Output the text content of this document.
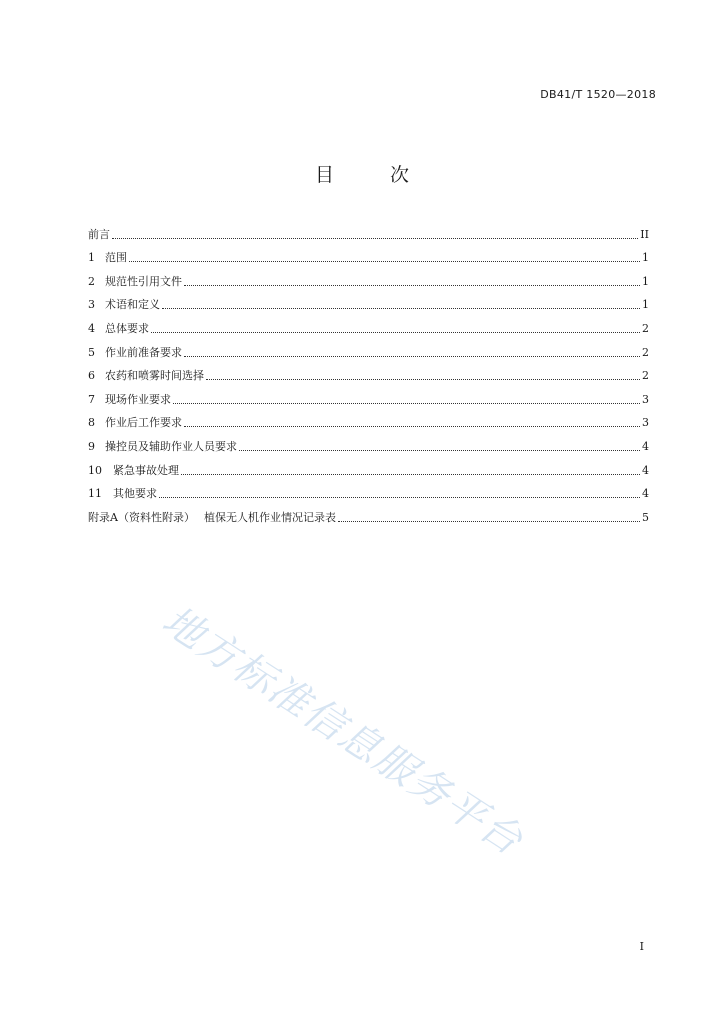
DB41/T 1520—2018
目	次
前言	II
1 范围	1
2 规范性引用文件	1
3 术语和定义	1
4 总体要求	2
5 作业前准备要求	2
6 农药和喷雾时间选择	2
7 现场作业要求	3
8 作业后工作要求	3
9 操控员及辅助作业人员要求	4
10	紧急事故处理	4
11	其他要求	4
附录A（资料性附录）　 植保无人机作业情况记录表	5
地方标准信息服务平台
I
